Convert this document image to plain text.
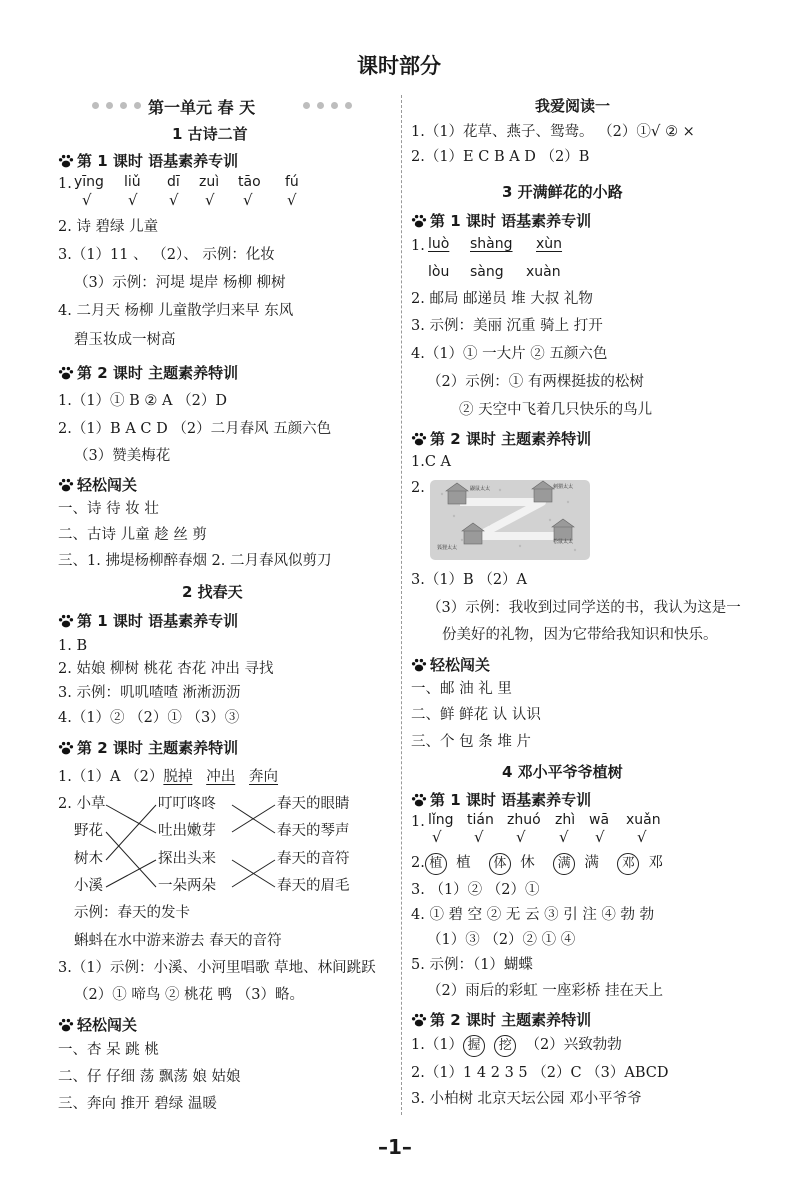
课时部分
第一单元 春 天
1 古诗二首
第 1 课时 语基素养专训
1. yīng liǔ dī zuì tāo fú
√ √ √ √ √ √
2. 诗 碧绿 儿童
3.（1）11 、 （2）、 示例：化妆
（3）示例：河堤 堤岸 杨柳 柳树
4. 二月天 杨柳 儿童散学归来早 东风
碧玉妆成一树高
第 2 课时 主题素养特训
1.（1）① B ② A （2）D
2.（1）B A C D （2）二月春风 五颜六色
（3）赞美梅花
轻松闯关
一、诗 待 妆 壮
二、古诗 儿童 趁 丝 剪
三、1. 拂堤杨柳醉春烟 2. 二月春风似剪刀
2 找春天
第 1 课时 语基素养专训
1. B
2. 姑娘 柳树 桃花 杏花 冲出 寻找
3. 示例：叽叽喳喳 淅淅沥沥
4.（1）② （2）① （3）③
第 2 课时 主题素养特训
1.（1）A （2）脱掉 冲出 奔向
2. 小草
野花
树木
小溪
叮叮咚咚
吐出嫩芽
探出头来
一朵两朵
春天的眼睛
春天的琴声
春天的音符
春天的眉毛
示例：春天的发卡
蝌蚪在水中游来游去 春天的音符
3.（1）示例：小溪、小河里唱歌 草地、林间跳跃
（2）① 啼鸟 ② 桃花 鸭 （3）略。
轻松闯关
一、杏 呆 跳 桃
二、仔 仔细 荡 飘荡 娘 姑娘
三、奔向 推开 碧绿 温暖
我爱阅读一
1.（1）花草、燕子、鸳鸯。 （2）①√ ② ×
2.（1）E C B A D （2）B
3 开满鲜花的小路
第 1 课时 语基素养专训
1. luò shàng xùn
lòu sàng xuàn
2. 邮局 邮递员 堆 大叔 礼物
3. 示例：美丽 沉重 骑上 打开
4.（1）① 一大片 ② 五颜六色
（2）示例：① 有两棵挺拔的松树
② 天空中飞着几只快乐的鸟儿
第 2 课时 主题素养特训
1.C A
2.	鼹鼠太太	刺猬太太
狐狸太太
松鼠太太
3.（1）B （2）A
（3）示例：我收到过同学送的书，我认为这是一
份美好的礼物，因为它带给我知识和快乐。
轻松闯关
一、邮 油 礼 里
二、鲜 鲜花 认 认识
三、个 包 条 堆 片
4 邓小平爷爷植树
第 1 课时 语基素养专训
1. lǐng tián zhuó zhì wā xuǎn
√ √ √ √ √ √
2. 植 植 体 休 满 满 邓 邓
3. （1）② （2）①
4. ① 碧 空 ② 无 云 ③ 引 注 ④ 勃 勃
（1）③ （2）② ① ④
5. 示例：（1）蝴蝶
（2）雨后的彩虹 一座彩桥 挂在天上
第 2 课时 主题素养特训
1.（1） 握 挖 （2）兴致勃勃
2.（1）1 4 2 3 5 （2）C （3）ABCD
3. 小柏树 北京天坛公园 邓小平爷爷
–1–
